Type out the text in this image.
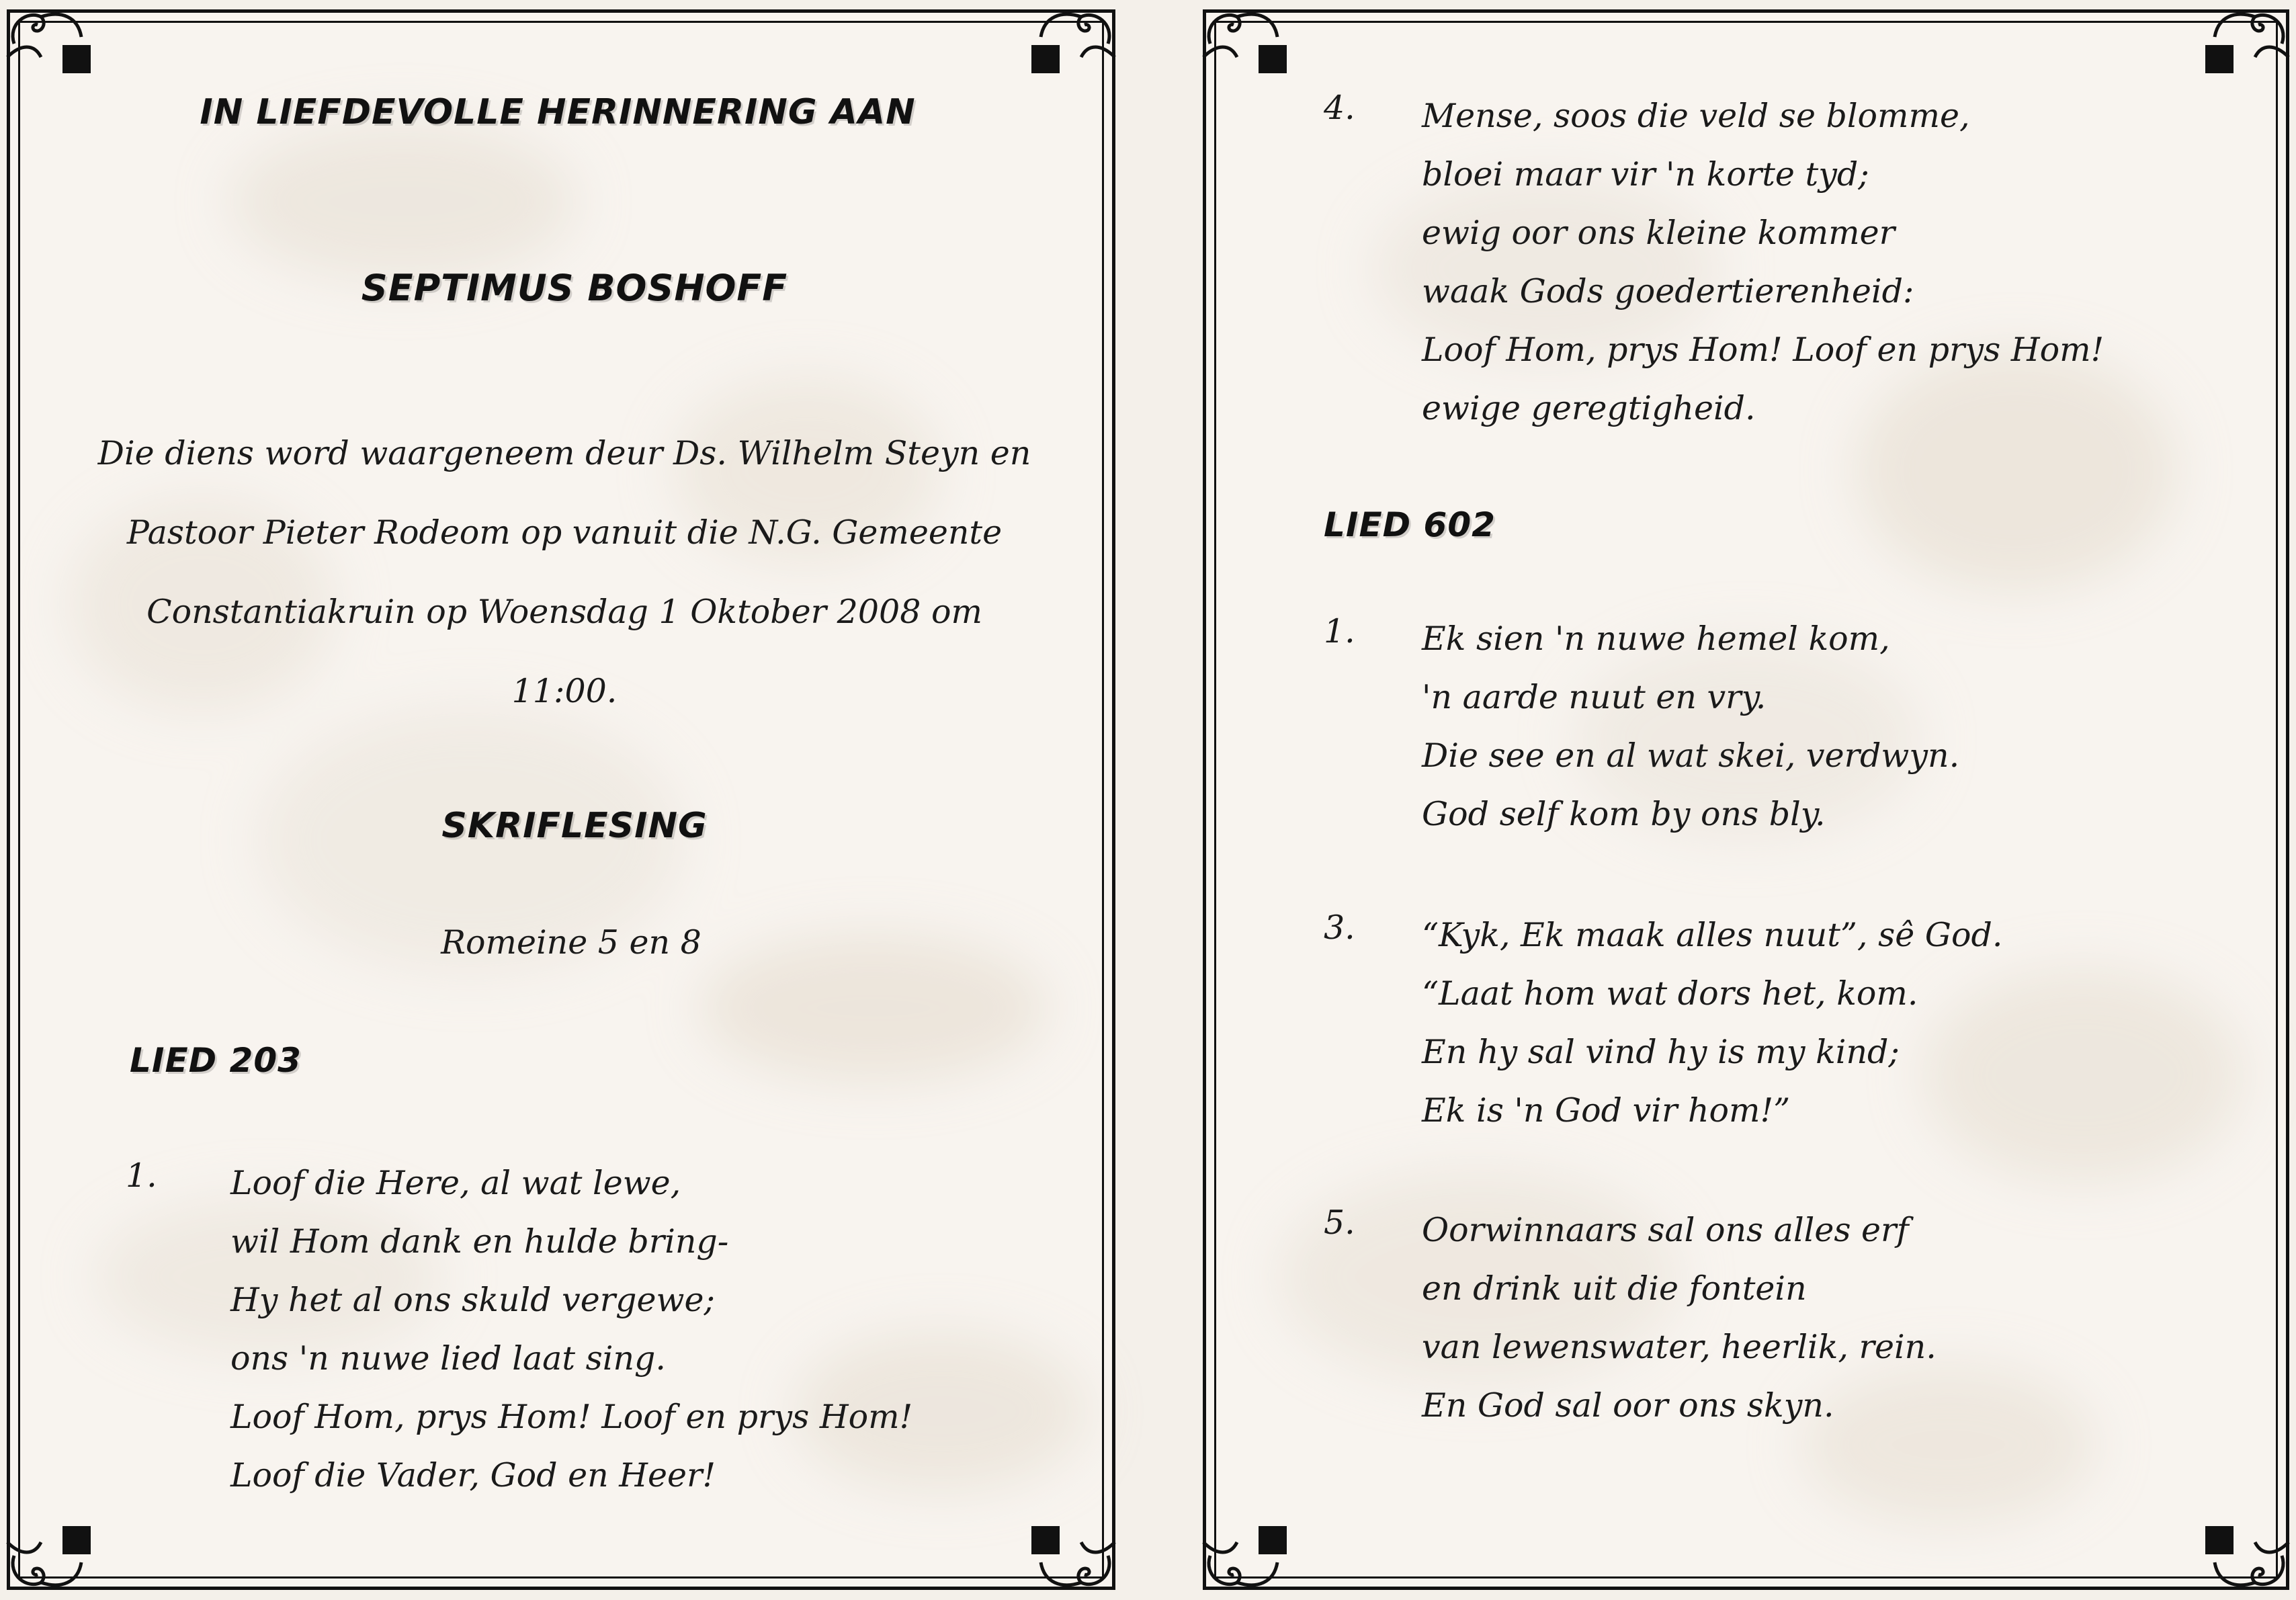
IN LIEFDEVOLLE HERINNERING AAN
SEPTIMUS BOSHOFF
Die diens word waargeneem deur Ds. Wilhelm Steyn en
Pastoor Pieter Rodeom op vanuit die N.G. Gemeente
Constantiakruin op Woensdag 1 Oktober 2008 om
11:00.
SKRIFLESING
Romeine 5 en 8
LIED 203
1. Loof die Here, al wat lewe,
wil Hom dank en hulde bring-
Hy het al ons skuld vergewe;
ons 'n nuwe lied laat sing.
Loof Hom, prys Hom! Loof en prys Hom!
Loof die Vader, God en Heer!
4. Mense, soos die veld se blomme,
bloei maar vir 'n korte tyd;
ewig oor ons kleine kommer
waak Gods goedertierenheid:
Loof Hom, prys Hom! Loof en prys Hom!
ewige geregtigheid.
LIED 602
1. Ek sien 'n nuwe hemel kom,
'n aarde nuut en vry.
Die see en al wat skei, verdwyn.
God self kom by ons bly.
3. “Kyk, Ek maak alles nuut”, sê God.
“Laat hom wat dors het, kom.
En hy sal vind hy is my kind;
Ek is 'n God vir hom!”
5. Oorwinnaars sal ons alles erf
en drink uit die fontein
van lewenswater, heerlik, rein.
En God sal oor ons skyn.
